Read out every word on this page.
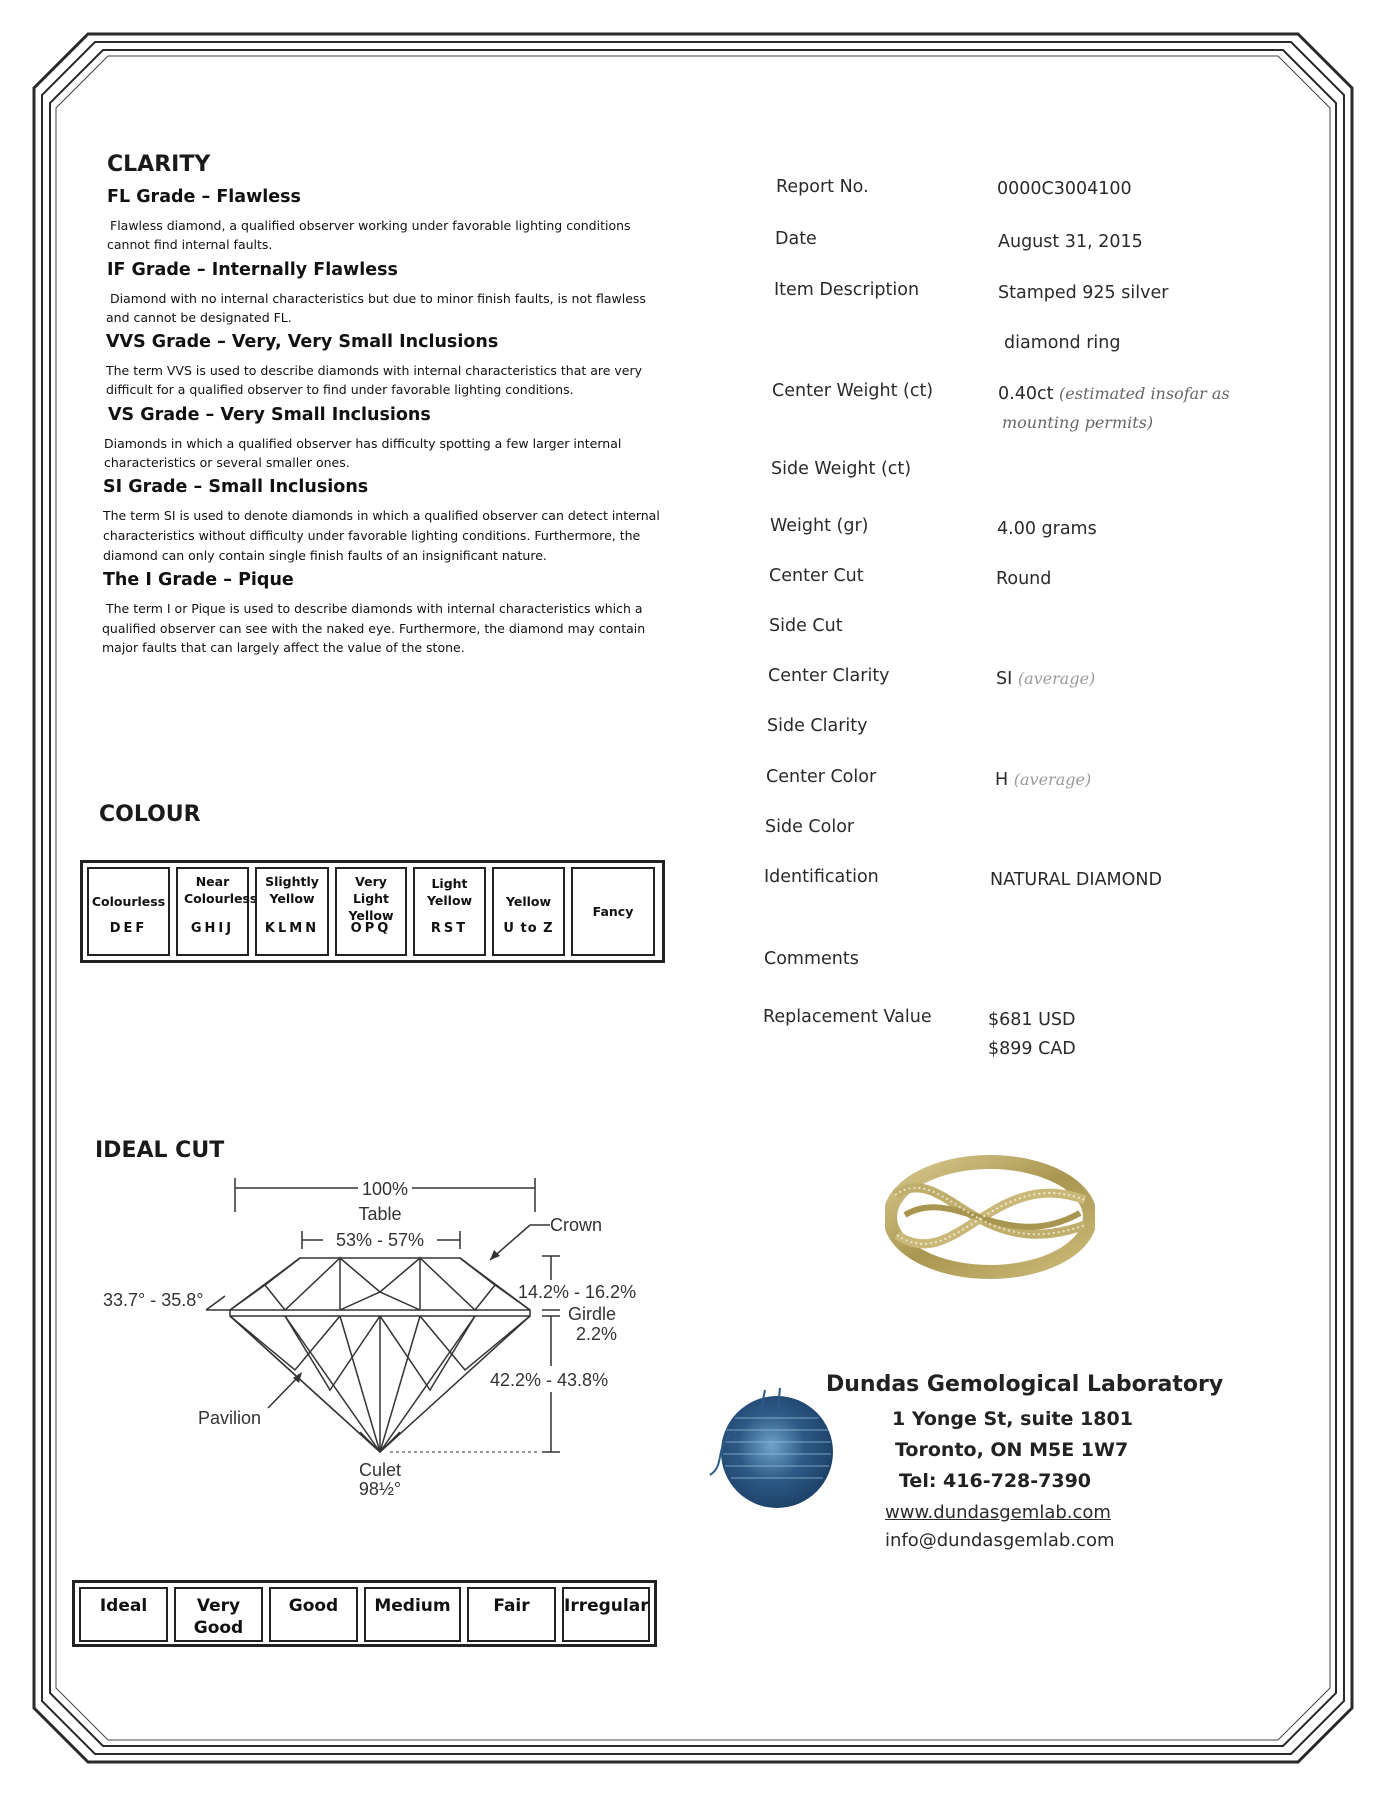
CLARITY
FL Grade – Flawless
Flawless diamond, a qualified observer working under favorable lighting conditions
cannot find internal faults.
IF Grade – Internally Flawless
Diamond with no internal characteristics but due to minor finish faults, is not flawless
and cannot be designated FL.
VVS Grade – Very, Very Small Inclusions
The term VVS is used to describe diamonds with internal characteristics that are very
difficult for a qualified observer to find under favorable lighting conditions.
VS Grade – Very Small Inclusions
Diamonds in which a qualified observer has difficulty spotting a few larger internal
characteristics or several smaller ones.
SI Grade – Small Inclusions
The term SI is used to denote diamonds in which a qualified observer can detect internal
characteristics without difficulty under favorable lighting conditions. Furthermore, the
diamond can only contain single finish faults of an insignificant nature.
The I Grade – Pique
The term I or Pique is used to describe diamonds with internal characteristics which a
qualified observer can see with the naked eye. Furthermore, the diamond may contain
major faults that can largely affect the value of the stone.
COLOUR
Colourless
DEF
Near Colourless
GHIJ
Slightly Yellow
KLMN
Very Light Yellow
OPQ
Light Yellow
RST
Yellow
U to Z
Fancy
IDEAL CUT
100%
Table
53% - 57%
Crown
33.7° - 35.8°	14.2% - 16.2%
Girdle
2.2%
42.2% - 43.8%
Pavilion
Culet
98½°
Ideal	Very Good
Good	Medium	Fair	Irregular
Report No.	0000C3004100
Date	August 31, 2015
Item Description	Stamped 925 silver
diamond ring
Center Weight (ct)	0.40ct (estimated insofar as
mounting permits)
Side Weight (ct)
Weight (gr)	4.00 grams
Center Cut	Round
Side Cut
Center Clarity	SI (average)
Side Clarity
Center Color	H (average)
Side Color
Identification	NATURAL DIAMOND
Comments
Replacement Value	$681 USD
$899 CAD
Dundas Gemological Laboratory
1 Yonge St, suite 1801
Toronto, ON M5E 1W7
Tel: 416-728-7390
www.dundasgemlab.com
info@dundasgemlab.com
